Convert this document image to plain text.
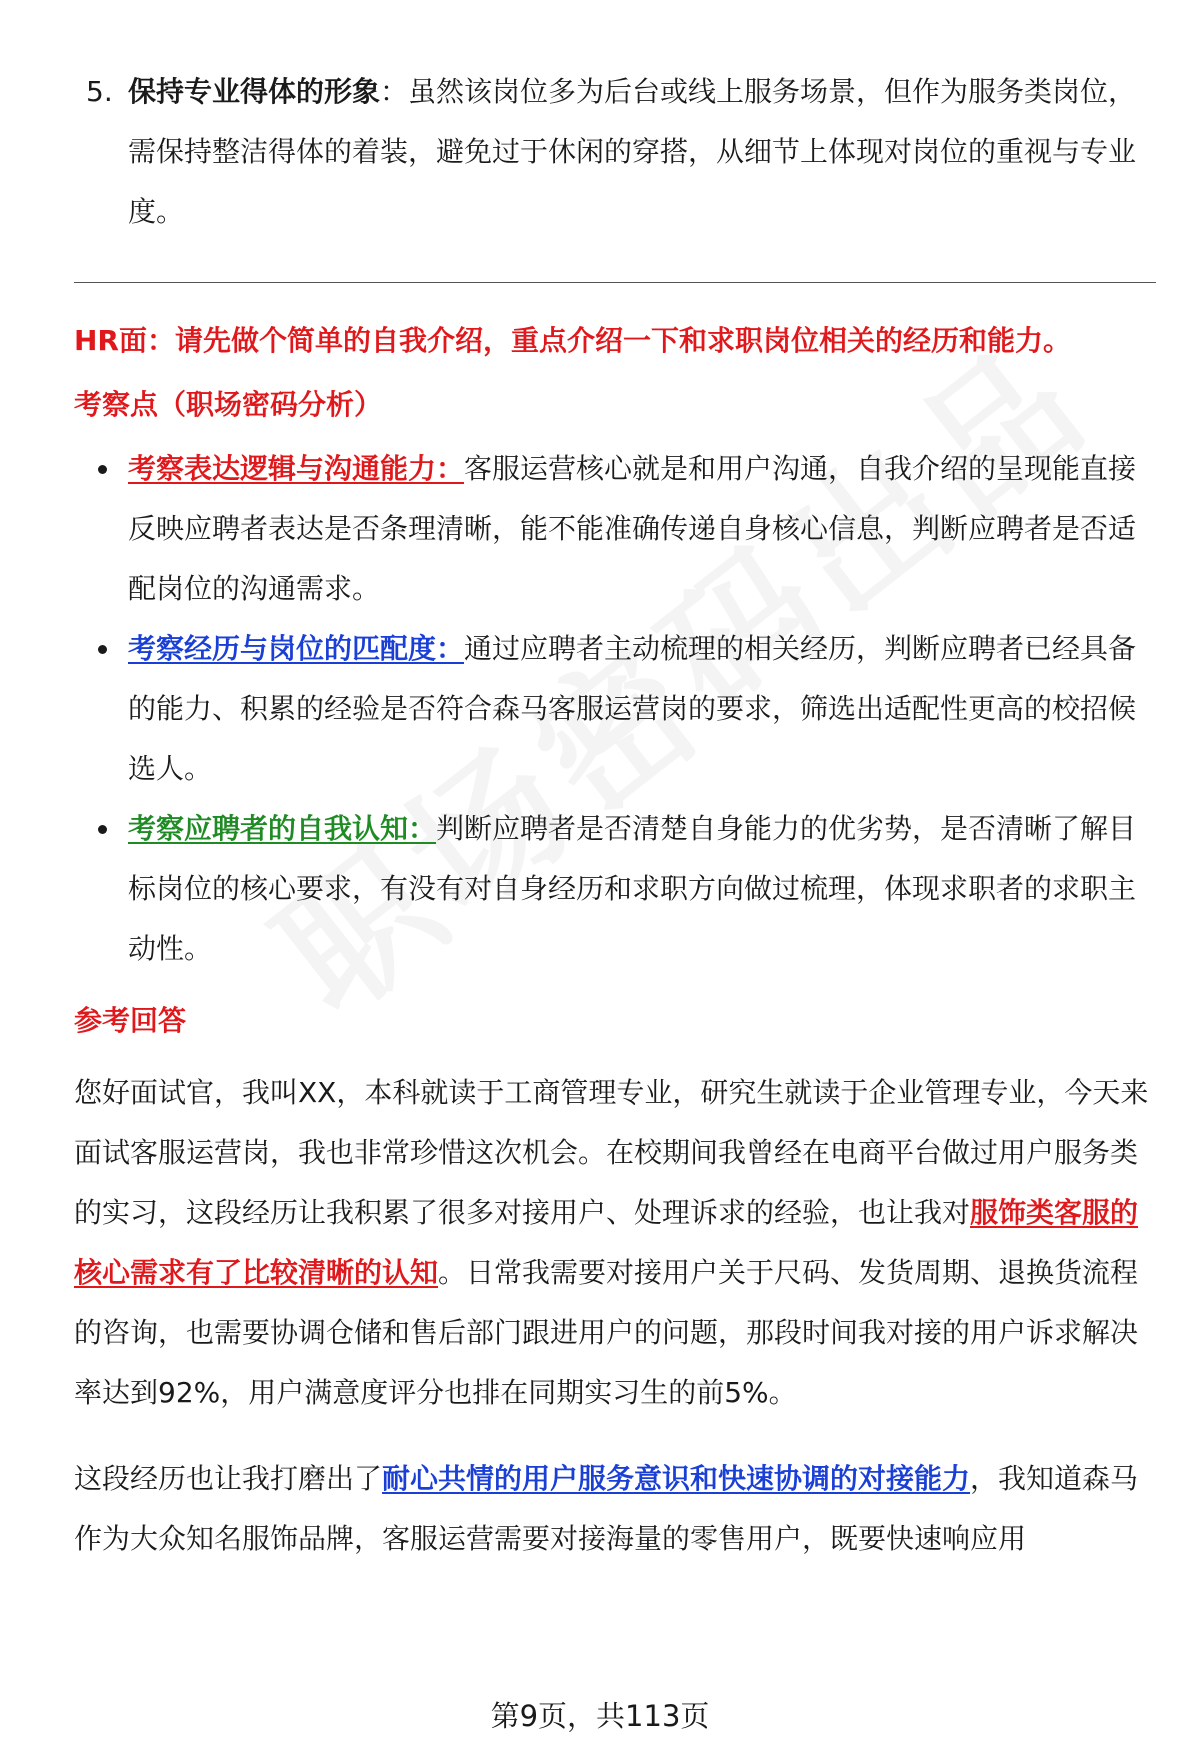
5. 保持专业得体的形象：虽然该岗位多为后台或线上服务场景，但作为服务类岗位，需保持整洁得体的着装，避免过于休闲的穿搭，从细节上体现对岗位的重视与专业度。

HR面：请先做个简单的自我介绍，重点介绍一下和求职岗位相关的经历和能力。

考察点（职场密码分析）

考察表达逻辑与沟通能力：客服运营核心就是和用户沟通，自我介绍的呈现能直接反映应聘者表达是否条理清晰，能不能准确传递自身核心信息，判断应聘者是否适配岗位的沟通需求。
考察经历与岗位的匹配度：通过应聘者主动梳理的相关经历，判断应聘者已经具备的能力、积累的经验是否符合森马客服运营岗的要求，筛选出适配性更高的校招候选人。
考察应聘者的自我认知：判断应聘者是否清楚自身能力的优劣势，是否清晰了解目标岗位的核心要求，有没有对自身经历和求职方向做过梳理，体现求职者的求职主动性。

参考回答

您好面试官，我叫XX，本科就读于工商管理专业，研究生就读于企业管理专业，今天来面试客服运营岗，我也非常珍惜这次机会。在校期间我曾经在电商平台做过用户服务类的实习，这段经历让我积累了很多对接用户、处理诉求的经验，也让我对服饰类客服的核心需求有了比较清晰的认知。日常我需要对接用户关于尺码、发货周期、退换货流程的咨询，也需要协调仓储和售后部门跟进用户的问题，那段时间我对接的用户诉求解决率达到92%，用户满意度评分也排在同期实习生的前5%。

这段经历也让我打磨出了耐心共情的用户服务意识和快速协调的对接能力，我知道森马作为大众知名服饰品牌，客服运营需要对接海量的零售用户，既要快速响应用

第9页，共113页
